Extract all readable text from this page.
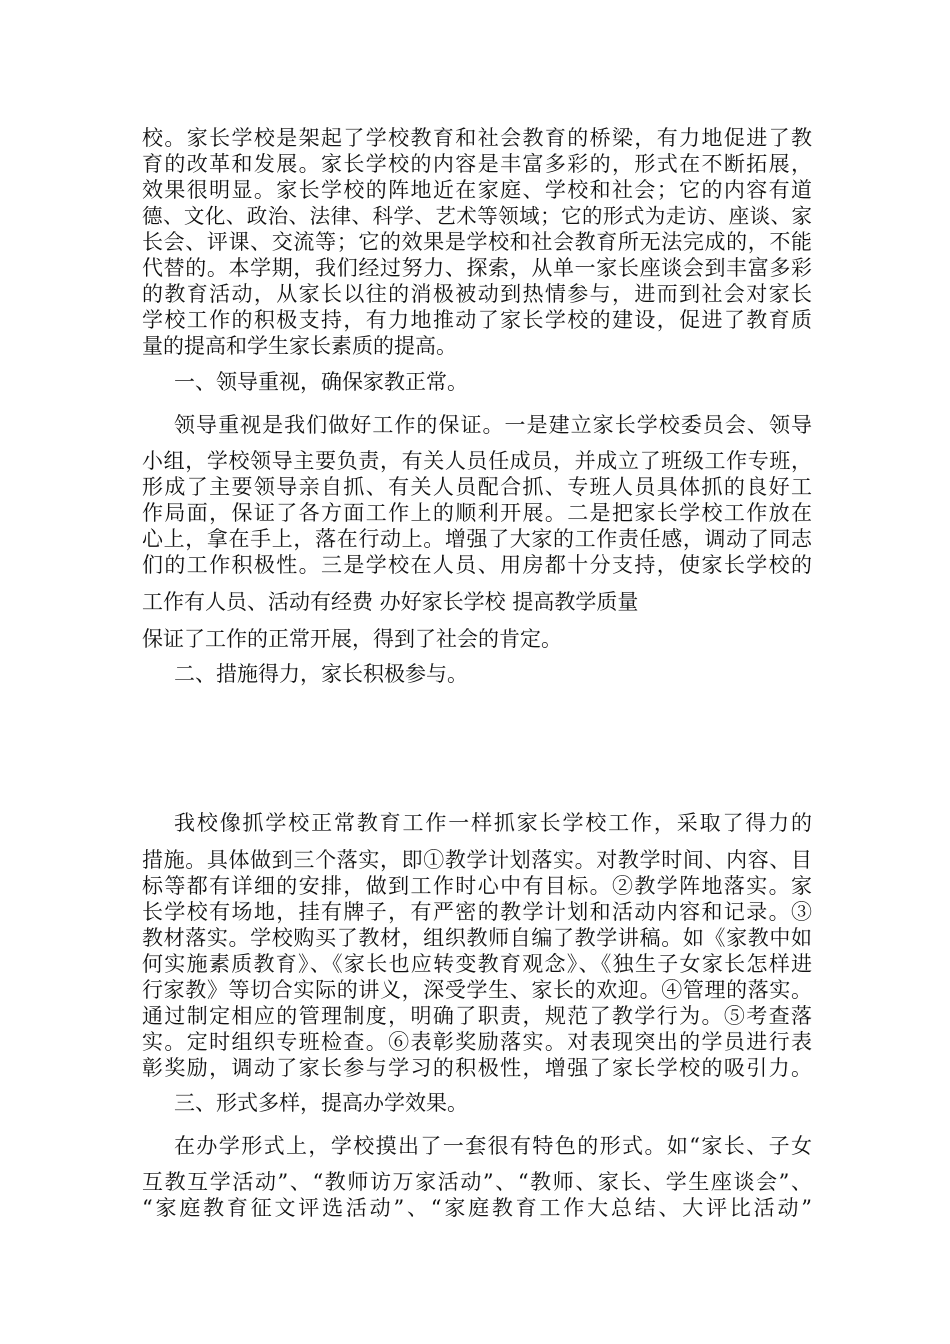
校。家长学校是架起了学校教育和社会教育的桥梁，有力地促进了教
育的改革和发展。家长学校的内容是丰富多彩的，形式在不断拓展，
效果很明显。家长学校的阵地近在家庭、学校和社会；它的内容有道
德、文化、政治、法律、科学、艺术等领域；它的形式为走访、座谈、家
长会、评课、交流等；它的效果是学校和社会教育所无法完成的，不能
代替的。本学期，我们经过努力、探索，从单一家长座谈会到丰富多彩
的教育活动，从家长以往的消极被动到热情参与，进而到社会对家长
学校工作的积极支持，有力地推动了家长学校的建设，促进了教育质
量的提高和学生家长素质的提高。
一、领导重视，确保家教正常。
领导重视是我们做好工作的保证。一是建立家长学校委员会、领导
小组，学校领导主要负责，有关人员任成员，并成立了班级工作专班，
形成了主要领导亲自抓、有关人员配合抓、专班人员具体抓的良好工
作局面，保证了各方面工作上的顺利开展。二是把家长学校工作放在
心上，拿在手上，落在行动上。增强了大家的工作责任感，调动了同志
们的工作积极性。三是学校在人员、用房都十分支持，使家长学校的
工作有人员、活动有经费 办好家长学校 提高教学质量
保证了工作的正常开展，得到了社会的肯定。
二、措施得力，家长积极参与。
我校像抓学校正常教育工作一样抓家长学校工作，采取了得力的
措施。具体做到三个落实，即①教学计划落实。对教学时间、内容、目
标等都有详细的安排，做到工作时心中有目标。②教学阵地落实。家
长学校有场地，挂有牌子，有严密的教学计划和活动内容和记录。③
教材落实。学校购买了教材，组织教师自编了教学讲稿。如《家教中如
何实施素质教育》、《家长也应转变教育观念》、《独生子女家长怎样进
行家教》等切合实际的讲义，深受学生、家长的欢迎。④管理的落实。
通过制定相应的管理制度，明确了职责，规范了教学行为。⑤考查落
实。定时组织专班检查。⑥表彰奖励落实。对表现突出的学员进行表
彰奖励，调动了家长参与学习的积极性，增强了家长学校的吸引力。
三、形式多样，提高办学效果。
在办学形式上，学校摸出了一套很有特色的形式。如“家长、子女
互教互学活动”、“教师访万家活动”、“教师、家长、学生座谈会”、
“家庭教育征文评选活动”、“家庭教育工作大总结、大评比活动”
